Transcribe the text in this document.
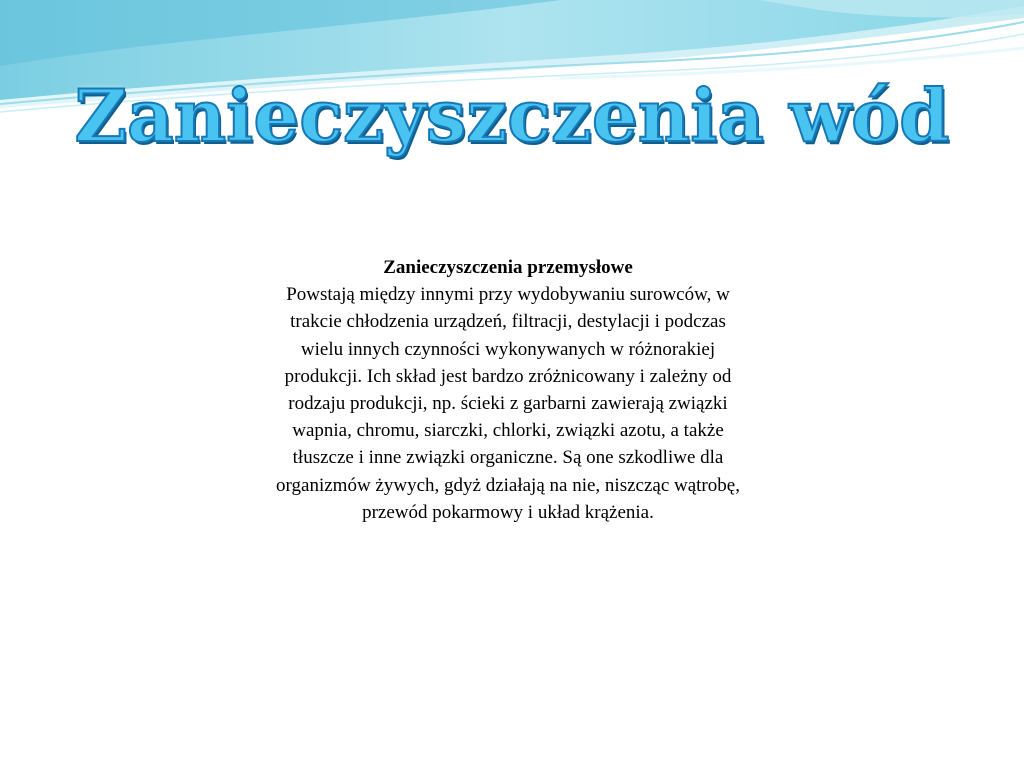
Zanieczyszczenia wód
Zanieczyszczenia przemysłowe
Powstają między innymi przy wydobywaniu surowców, w trakcie chłodzenia urządzeń, filtracji, destylacji i podczas wielu innych czynności wykonywanych w różnorakiej produkcji. Ich skład jest bardzo zróżnicowany i zależny od rodzaju produkcji, np. ścieki z garbarni zawierają związki wapnia, chromu, siarczki, chlorki, związki azotu, a także tłuszcze i inne związki organiczne. Są one szkodliwe dla organizmów żywych, gdyż działają na nie, niszcząc wątrobę, przewód pokarmowy i układ krążenia.
